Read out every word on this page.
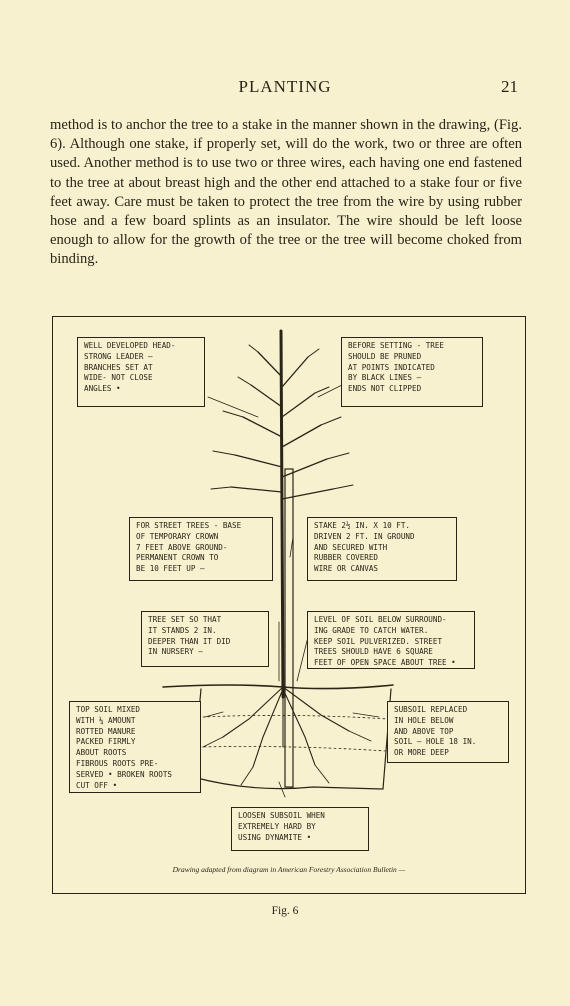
PLANTING	21
method is to anchor the tree to a stake in the manner shown in the drawing, (Fig. 6). Although one stake, if properly set, will do the work, two or three are often used. Another method is to use two or three wires, each having one end fastened to the tree at about breast high and the other end attached to a stake four or five feet away. Care must be taken to protect the tree from the wire by using rubber hose and a few board splints as an insulator. The wire should be left loose enough to allow for the growth of the tree or the tree will become choked from binding.
WELL DEVELOPED HEAD-
STRONG LEADER —
BRANCHES SET AT
WIDE- NOT CLOSE
ANGLES •
BEFORE SETTING - TREE
SHOULD BE PRUNED
AT POINTS INDICATED
BY BLACK LINES —
ENDS NOT CLIPPED
FOR STREET TREES - BASE
OF TEMPORARY CROWN
7 FEET ABOVE GROUND-
PERMANENT CROWN TO
BE 10 FEET UP —
STAKE 2½ IN. X 10 FT.
DRIVEN 2 FT. IN GROUND
AND SECURED WITH
RUBBER COVERED
WIRE OR CANVAS
TREE SET SO THAT
IT STANDS 2 IN.
DEEPER THAN IT DID
IN NURSERY —
LEVEL OF SOIL BELOW SURROUND-
ING GRADE TO CATCH WATER.
KEEP SOIL PULVERIZED. STREET
TREES SHOULD HAVE 6 SQUARE
FEET OF OPEN SPACE ABOUT TREE •
TOP SOIL MIXED
WITH ¼ AMOUNT
ROTTED MANURE
PACKED FIRMLY
ABOUT ROOTS
FIBROUS ROOTS PRE-
SERVED • BROKEN ROOTS
CUT OFF •
SUBSOIL REPLACED
IN HOLE BELOW
AND ABOVE TOP
SOIL — HOLE 18 IN.
OR MORE DEEP
LOOSEN SUBSOIL WHEN
EXTREMELY HARD BY
USING DYNAMITE •
Drawing adapted from diagram in American Forestry Association Bulletin —
Fig. 6
